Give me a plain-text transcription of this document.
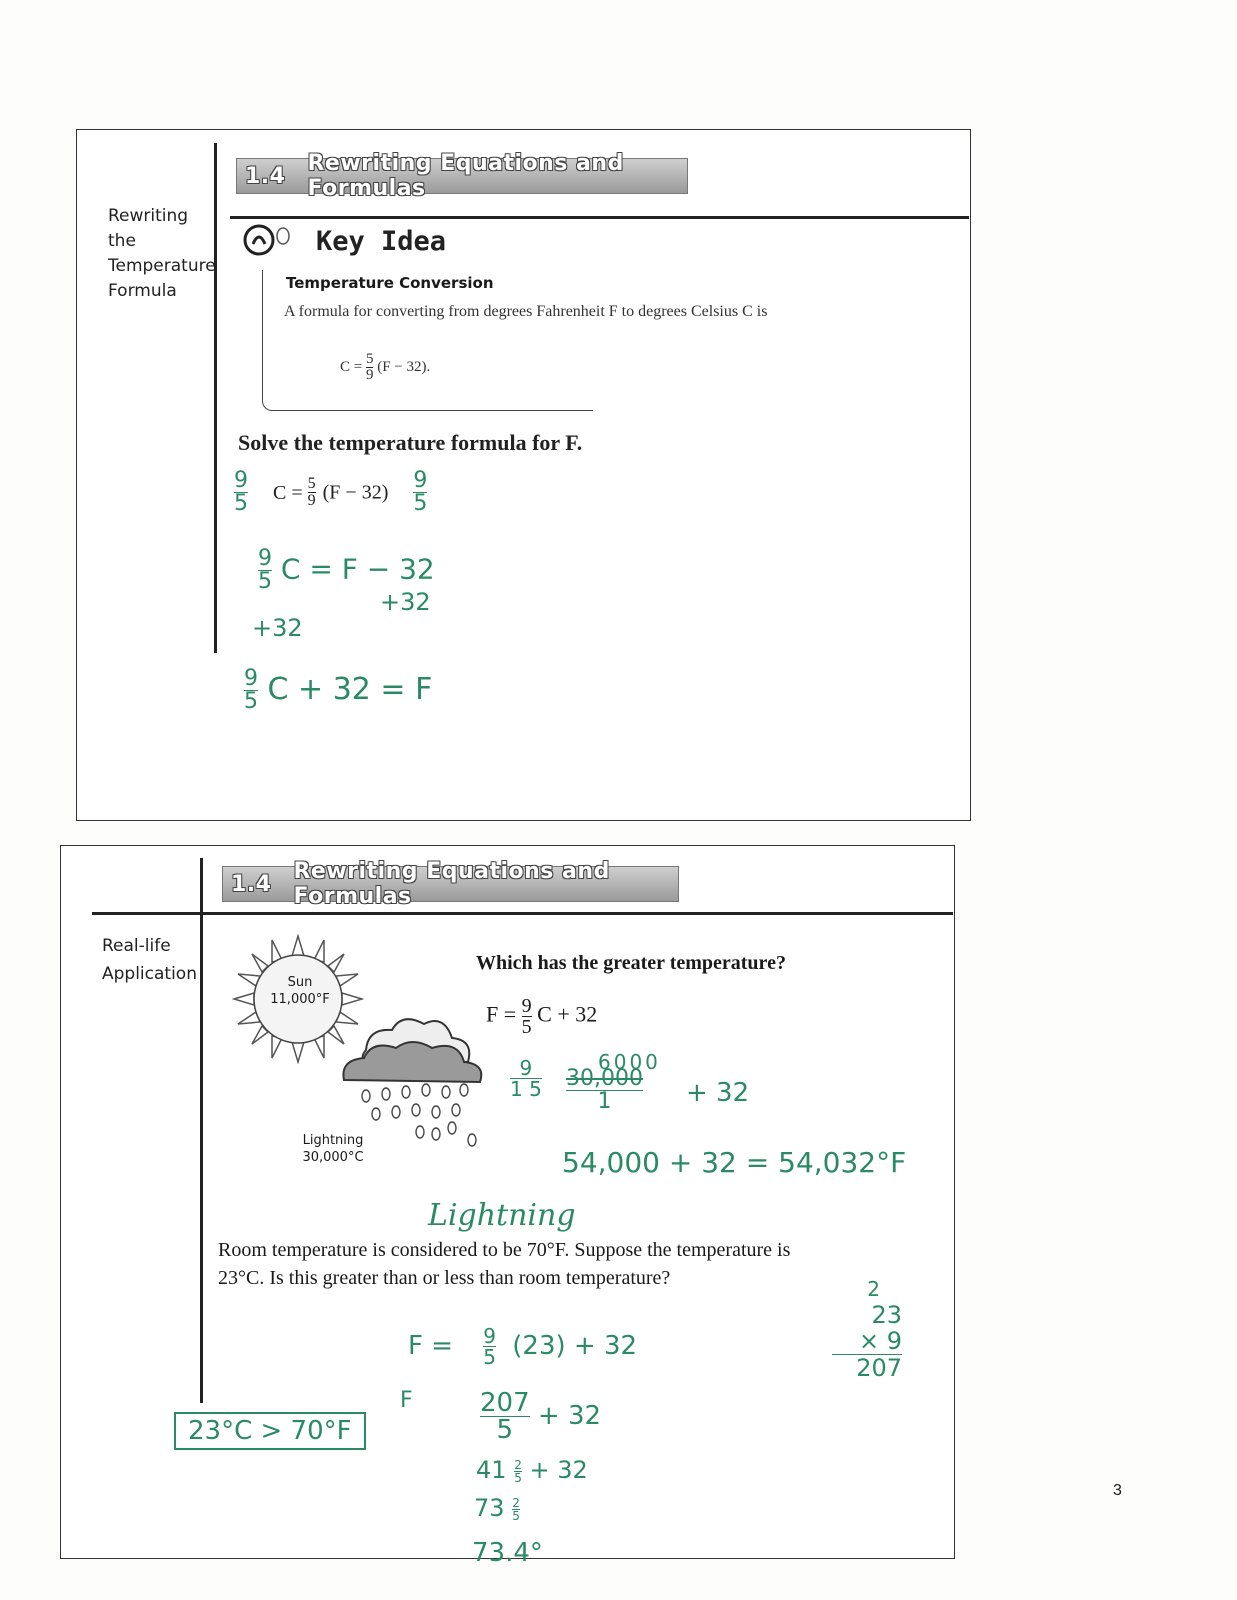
1.4	Rewriting Equations and Formulas
Rewriting
the
Temperature
Formula
Key Idea
Temperature Conversion
A formula for converting from degrees Fahrenheit F to degrees Celsius C is
$C = \frac{5}{9} (F - 32)$.
Solve the temperature formula for F.
$\frac{9}{5}$ $C = \frac{5}{9} (F - 32) \frac{9}{5}$
$\frac{9}{5}$ C = F − 32
+32
+32
$\frac{9}{5}$ C + 32 = F
1.4	Rewriting Equations and Formulas
Real-life
Application	Sun
11,000°F
Lightning
30,000°C
Which has the greater temperature?
$F = \frac{9}{5}$ C + 32
6000
$\frac{9}{1 5} \frac{30,000}{1} + 32$
54,000 + 32 = 54,032°F
Lightning
Room temperature is considered to be 70°F. Suppose the temperature is 23°C. Is this greater than or less than room temperature?
$F = \frac{9}{5} (23) + 32$
F	$\frac{207}{5} + 32$
$41 \frac{2}{5} + 32$
$73 \frac{2}{5}$
73.4°
23°C > 70°F
2
23
× 9
207
3
